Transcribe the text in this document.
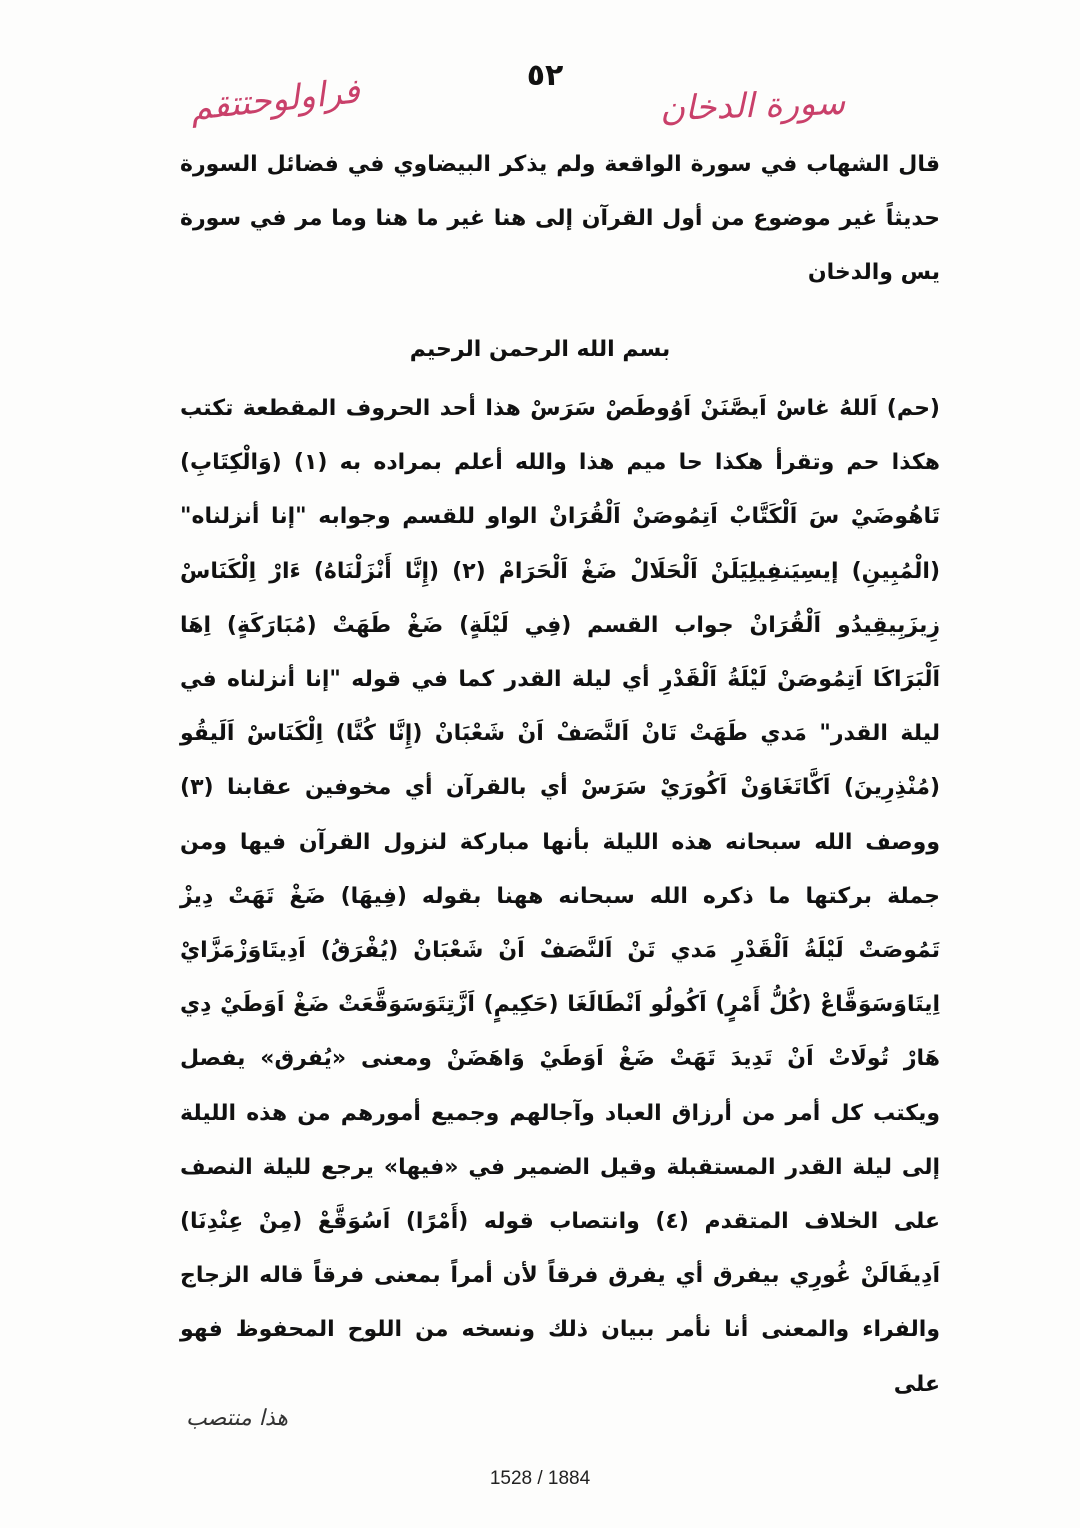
فراولوحتتقم	٥٢
سورة الدخان
قال الشهاب في سورة الواقعة ولم يذكر البيضاوي في فضائل السورة حديثاً غير موضوع من أول القرآن إلى هنا غير ما هنا وما مر في سورة يس والدخان
بسم الله الرحمن الرحيم
(حم) اَللهُ غاسْ اَيصَّنَنْ اَوُوطَصْ سَرَسْ هذا أحد الحروف المقطعة تكتب هكذا حم وتقرأ هكذا حا ميم هذا والله أعلم بمراده به (١) (وَالْكِتَابِ) تَاهُوضَيْ سَ اَلْكَتَّابْ اَتِمُوصَنْ اَلْقُرَانْ الواو للقسم وجوابه "إنا أنزلناه" (الْمُبِينِ) إيسِيَنفِيلِيَلَنْ اَلْحَلَالْ ضَغْ اَلْحَرَامْ (٢) (إِنَّا أَنْزَلْنَاهُ) ءَارْ اِلْكَنَاسْ زِيزَبِيقِيدُو اَلْقُرَانْ جواب القسم (فِي لَيْلَةٍ) ضَغْ طَهَتْ (مُبَارَكَةٍ) اِهَا اَلْبَرَاكَا اَتِمُوصَنْ لَيْلَةُ اَلْقَدْرِ أي ليلة القدر كما في قوله "إنا أنزلناه في ليلة القدر" مَدي طَهَتْ تَانْ اَلنَّصَفْ اَنْ شَعْبَانْ (إِنَّا كُنَّا) اِلْكَنَاسْ اَلَيقُو (مُنْذِرِينَ) اَكَّاتَغَاوَنْ اَكُورَيْ سَرَسْ أي بالقرآن أي مخوفين عقابنا (٣) ووصف الله سبحانه هذه الليلة بأنها مباركة لنزول القرآن فيها ومن جملة بركتها ما ذكره الله سبحانه ههنا بقوله (فِيهَا) ضَغْ تَهَتْ دِيزْ تَمُوصَتْ لَيْلَةُ اَلْقَدْرِ مَدي تَنْ اَلنَّصَفْ اَنْ شَعْبَانْ (يُفْرَقُ) اَدِيتَاوَزْمَزَّايْ اِيتَاوَسَوَقَّاعْ (كُلُّ أَمْرٍ) اَكُولُو اَنْطَالَغَا (حَكِيمٍ) اَزَّتِتَوَسَوَقَّعَتْ ضَغْ اَوَطَيْ دِي هَارْ تُولَاتْ اَنْ تَدِيدَ تَهَتْ ضَغْ اَوَطَيْ وَاهَضَنْ ومعنى «يُفرق» يفصل ويكتب كل أمر من أرزاق العباد وآجالهم وجميع أمورهم من هذه الليلة إلى ليلة القدر المستقبلة وقيل الضمير في «فيها» يرجع لليلة النصف على الخلاف المتقدم (٤) وانتصاب قوله (أَمْرًا) اَسُوَقَّعْ (مِنْ عِنْدِنَا) اَدِيفَالَنْ غُورِي بيفرق أي يفرق فرقاً لأن أمراً بمعنى فرقاً قاله الزجاج والفراء والمعنى أنا نأمر ببيان ذلك ونسخه من اللوح المحفوظ فهو على
هذا منتصب
1528 / 1884
